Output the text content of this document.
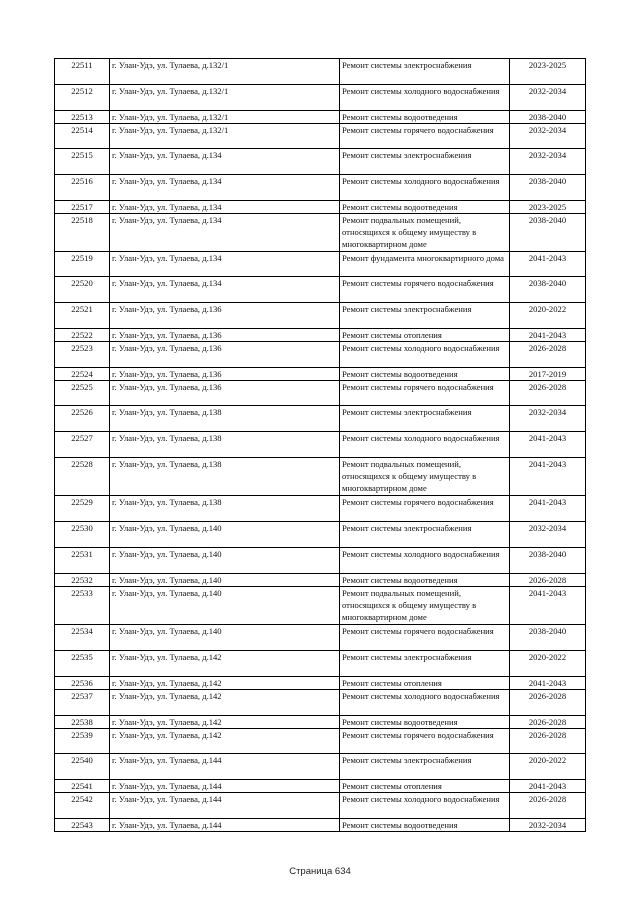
22511	г. Улан-Удэ, ул. Тулаева, д.132/1	Ремонт системы электроснабжения	2023-2025
22512	г. Улан-Удэ, ул. Тулаева, д.132/1	Ремонт системы холодного водоснабжения	2032-2034
22513	г. Улан-Удэ, ул. Тулаева, д.132/1	Ремонт системы водоотведения	2038-2040
22514	г. Улан-Удэ, ул. Тулаева, д.132/1	Ремонт системы горячего водоснабжения	2032-2034
22515	г. Улан-Удэ, ул. Тулаева, д.134	Ремонт системы электроснабжения	2032-2034
22516	г. Улан-Удэ, ул. Тулаева, д.134	Ремонт системы холодного водоснабжения	2038-2040
22517	г. Улан-Удэ, ул. Тулаева, д.134	Ремонт системы водоотведения	2023-2025
22518	г. Улан-Удэ, ул. Тулаева, д.134	Ремонт подвальных помещений, относящихся к общему имуществу в многоквартирном доме	2038-2040
22519	г. Улан-Удэ, ул. Тулаева, д.134	Ремонт фундамента многоквартирного дома	2041-2043
22520	г. Улан-Удэ, ул. Тулаева, д.134	Ремонт системы горячего водоснабжения	2038-2040
22521	г. Улан-Удэ, ул. Тулаева, д.136	Ремонт системы электроснабжения	2020-2022
22522	г. Улан-Удэ, ул. Тулаева, д.136	Ремонт системы отопления	2041-2043
22523	г. Улан-Удэ, ул. Тулаева, д.136	Ремонт системы холодного водоснабжения	2026-2028
22524	г. Улан-Удэ, ул. Тулаева, д.136	Ремонт системы водоотведения	2017-2019
22525	г. Улан-Удэ, ул. Тулаева, д.136	Ремонт системы горячего водоснабжения	2026-2028
22526	г. Улан-Удэ, ул. Тулаева, д.138	Ремонт системы электроснабжения	2032-2034
22527	г. Улан-Удэ, ул. Тулаева, д.138	Ремонт системы холодного водоснабжения	2041-2043
22528	г. Улан-Удэ, ул. Тулаева, д.138	Ремонт подвальных помещений, относящихся к общему имуществу в многоквартирном доме	2041-2043
22529	г. Улан-Удэ, ул. Тулаева, д.138	Ремонт системы горячего водоснабжения	2041-2043
22530	г. Улан-Удэ, ул. Тулаева, д.140	Ремонт системы электроснабжения	2032-2034
22531	г. Улан-Удэ, ул. Тулаева, д.140	Ремонт системы холодного водоснабжения	2038-2040
22532	г. Улан-Удэ, ул. Тулаева, д.140	Ремонт системы водоотведения	2026-2028
22533	г. Улан-Удэ, ул. Тулаева, д.140	Ремонт подвальных помещений, относящихся к общему имуществу в многоквартирном доме	2041-2043
22534	г. Улан-Удэ, ул. Тулаева, д.140	Ремонт системы горячего водоснабжения	2038-2040
22535	г. Улан-Удэ, ул. Тулаева, д.142	Ремонт системы электроснабжения	2020-2022
22536	г. Улан-Удэ, ул. Тулаева, д.142	Ремонт системы отопления	2041-2043
22537	г. Улан-Удэ, ул. Тулаева, д.142	Ремонт системы холодного водоснабжения	2026-2028
22538	г. Улан-Удэ, ул. Тулаева, д.142	Ремонт системы водоотведения	2026-2028
22539	г. Улан-Удэ, ул. Тулаева, д.142	Ремонт системы горячего водоснабжения	2026-2028
22540	г. Улан-Удэ, ул. Тулаева, д.144	Ремонт системы электроснабжения	2020-2022
22541	г. Улан-Удэ, ул. Тулаева, д.144	Ремонт системы отопления	2041-2043
22542	г. Улан-Удэ, ул. Тулаева, д.144	Ремонт системы холодного водоснабжения	2026-2028
22543	г. Улан-Удэ, ул. Тулаева, д.144	Ремонт системы водоотведения	2032-2034
Страница 634
